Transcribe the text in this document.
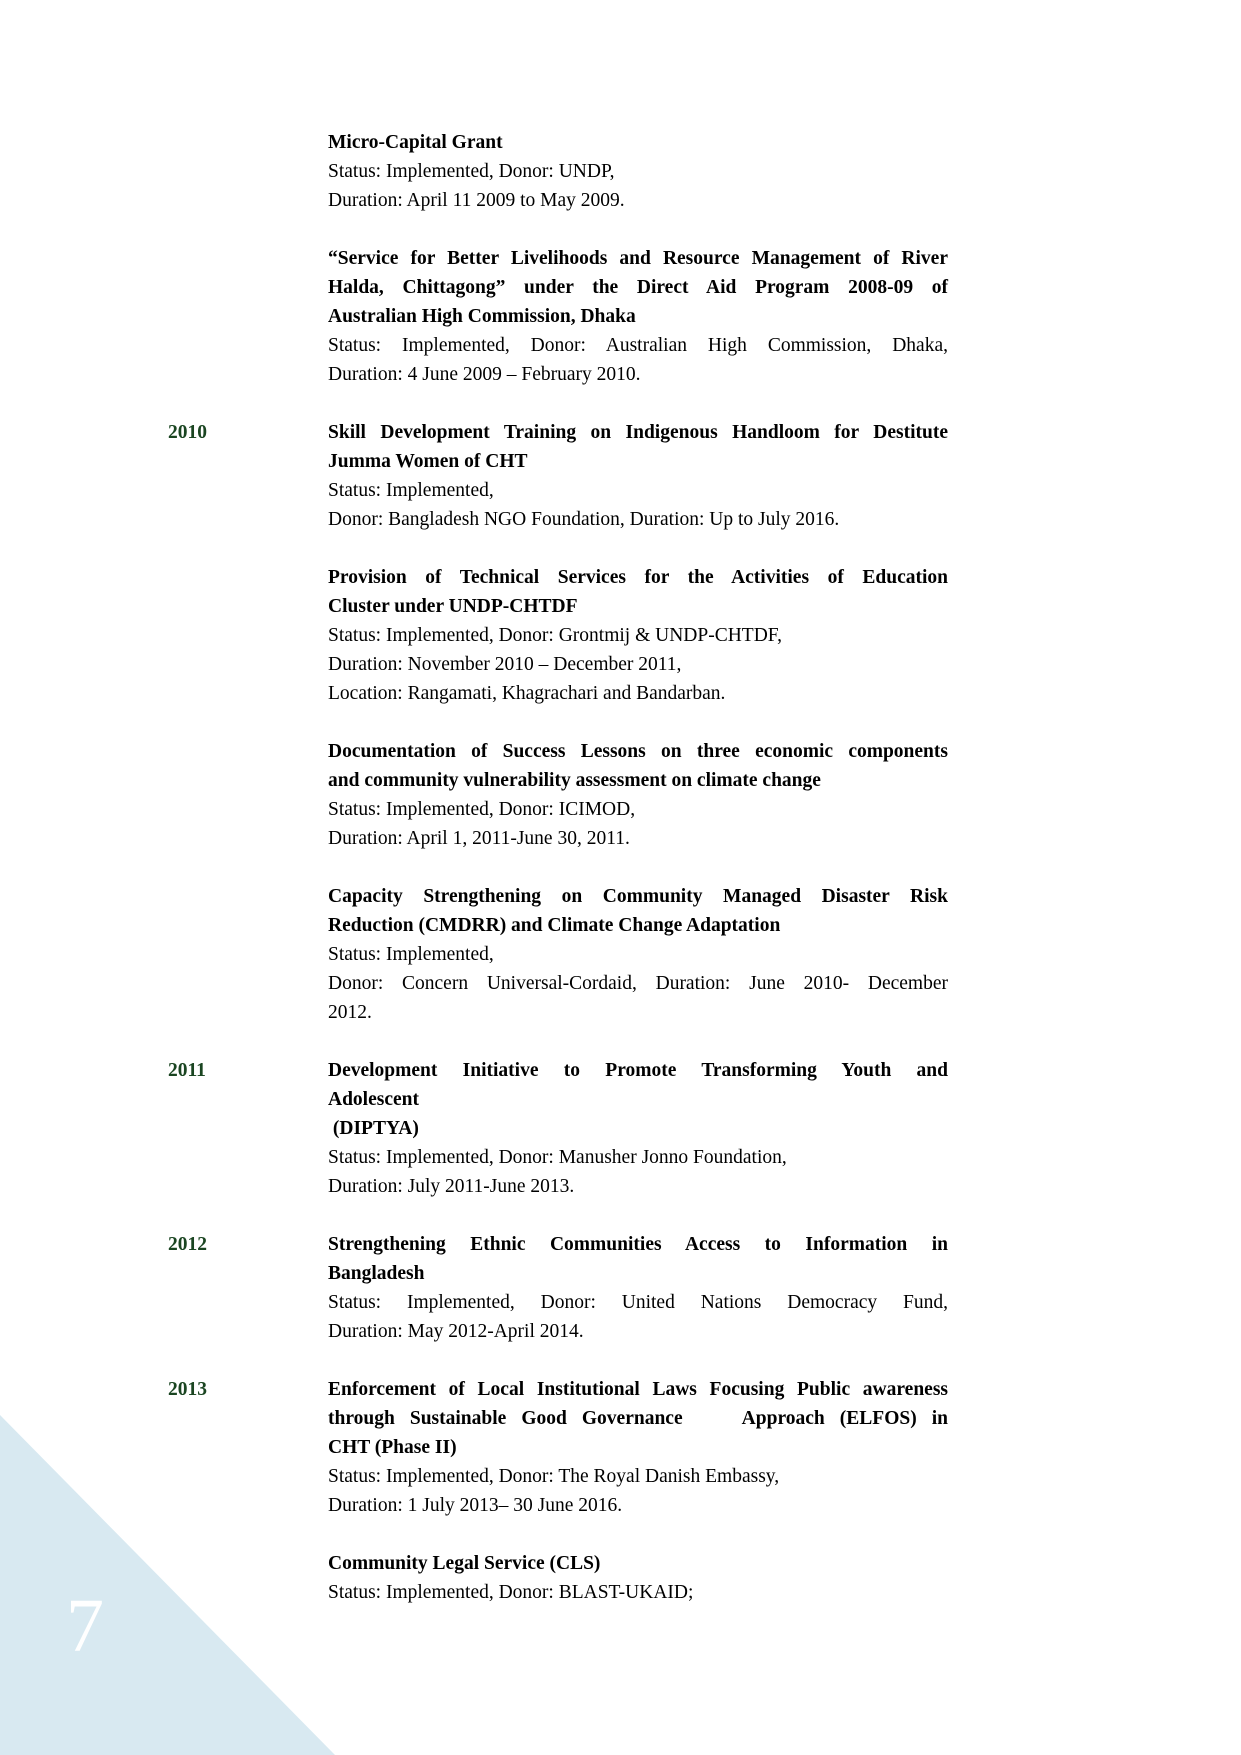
Micro-Capital Grant
Status: Implemented, Donor: UNDP,
Duration: April 11 2009 to May 2009.
“Service for Better Livelihoods and Resource Management of River
Halda, Chittagong” under the Direct Aid Program 2008-09 of
Australian High Commission, Dhaka
Status: Implemented, Donor: Australian High Commission, Dhaka,
Duration: 4 June 2009 – February 2010.
2010	Skill Development Training on Indigenous Handloom for Destitute
Jumma Women of CHT
Status: Implemented,
Donor: Bangladesh NGO Foundation, Duration: Up to July 2016.
Provision of Technical Services for the Activities of Education
Cluster under UNDP-CHTDF
Status: Implemented, Donor: Grontmij & UNDP-CHTDF,
Duration: November 2010 – December 2011,
Location: Rangamati, Khagrachari and Bandarban.
Documentation of Success Lessons on three economic components
and community vulnerability assessment on climate change
Status: Implemented, Donor: ICIMOD,
Duration: April 1, 2011-June 30, 2011.
Capacity Strengthening on Community Managed Disaster Risk
Reduction (CMDRR) and Climate Change Adaptation
Status: Implemented,
Donor: Concern Universal-Cordaid, Duration: June 2010- December
2012.
2011	Development Initiative to Promote Transforming Youth and
Adolescent
(DIPTYA)
Status: Implemented, Donor: Manusher Jonno Foundation,
Duration: July 2011-June 2013.
2012	Strengthening Ethnic Communities Access to Information in
Bangladesh
Status: Implemented, Donor: United Nations Democracy Fund,
Duration: May 2012-April 2014.
2013	Enforcement of Local Institutional Laws Focusing Public awareness
through Sustainable Good Governance    Approach (ELFOS) in
CHT (Phase II)
Status: Implemented, Donor: The Royal Danish Embassy,
Duration: 1 July 2013– 30 June 2016.
Community Legal Service (CLS)
Status: Implemented, Donor: BLAST-UKAID;
7
